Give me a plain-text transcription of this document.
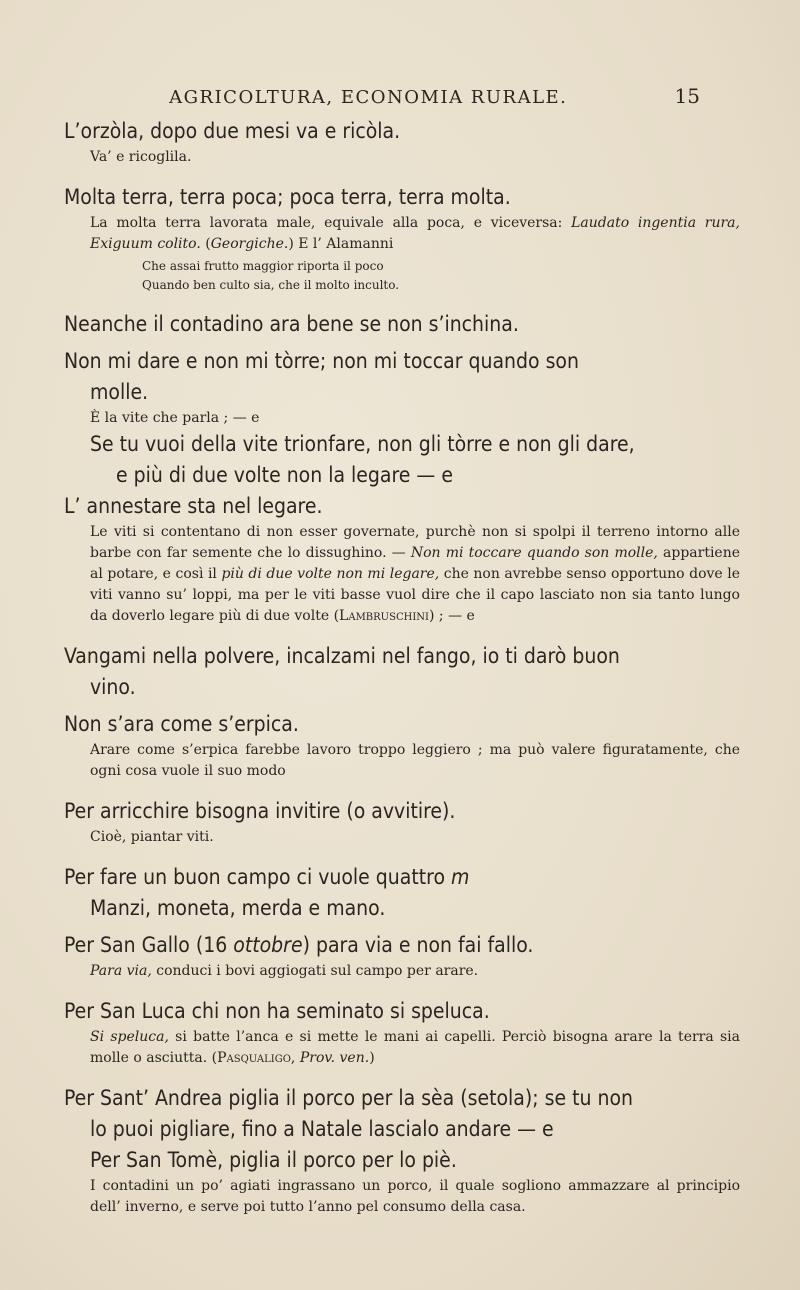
AGRICOLTURA, ECONOMIA RURALE.	15

L’orzòla, dopo due mesi va e ricòla.

Va’ e ricoglila.

Molta terra, terra poca; poca terra, terra molta.

La molta terra lavorata male, equivale alla poca, e viceversa: Laudato ingentia rura, Exiguum colito. (Georgiche.) E l’ Alamanni

Che assai frutto maggior riporta il poco
Quando ben culto sia, che il molto inculto.

Neanche il contadino ara bene se non s’inchina.

Non mi dare e non mi tòrre; non mi toccar quando son
molle.

È la vite che parla ; — e

Se tu vuoi della vite trionfare, non gli tòrre e non gli dare,
e più di due volte non la legare — e

L’ annestare sta nel legare.

Le viti si contentano di non esser governate, purchè non si spolpi il terreno intorno alle barbe con far semente che lo dissughino. — Non mi toccare quando son molle, appartiene al potare, e così il più di due volte non mi legare, che non avrebbe senso opportuno dove le viti vanno su’ loppi, ma per le viti basse vuol dire che il capo lasciato non sia tanto lungo da doverlo legare più di due volte (Lambruschini) ; — e

Vangami nella polvere, incalzami nel fango, io ti darò buon
vino.

Non s’ara come s’erpica.

Arare come s’erpica farebbe lavoro troppo leggiero ; ma può valere figuratamente, che ogni cosa vuole il suo modo

Per arricchire bisogna invitire (o avvitire).

Cioè, piantar viti.

Per fare un buon campo ci vuole quattro m
Manzi, moneta, merda e mano.

Per San Gallo (16 ottobre) para via e non fai fallo.

Para via, conduci i bovi aggiogati sul campo per arare.

Per San Luca chi non ha seminato si speluca.

Si speluca, si batte l’anca e si mette le mani ai capelli. Perciò bisogna arare la terra sia molle o asciutta. (Pasqualigo, Prov. ven.)

Per Sant’ Andrea piglia il porco per la sèa (setola); se tu non
lo puoi pigliare, fino a Natale lascialo andare — e

Per San Tomè, piglia il porco per lo piè.

I contadini un po’ agiati ingrassano un porco, il quale sogliono ammazzare al principio dell’ inverno, e serve poi tutto l’anno pel consumo della casa.
